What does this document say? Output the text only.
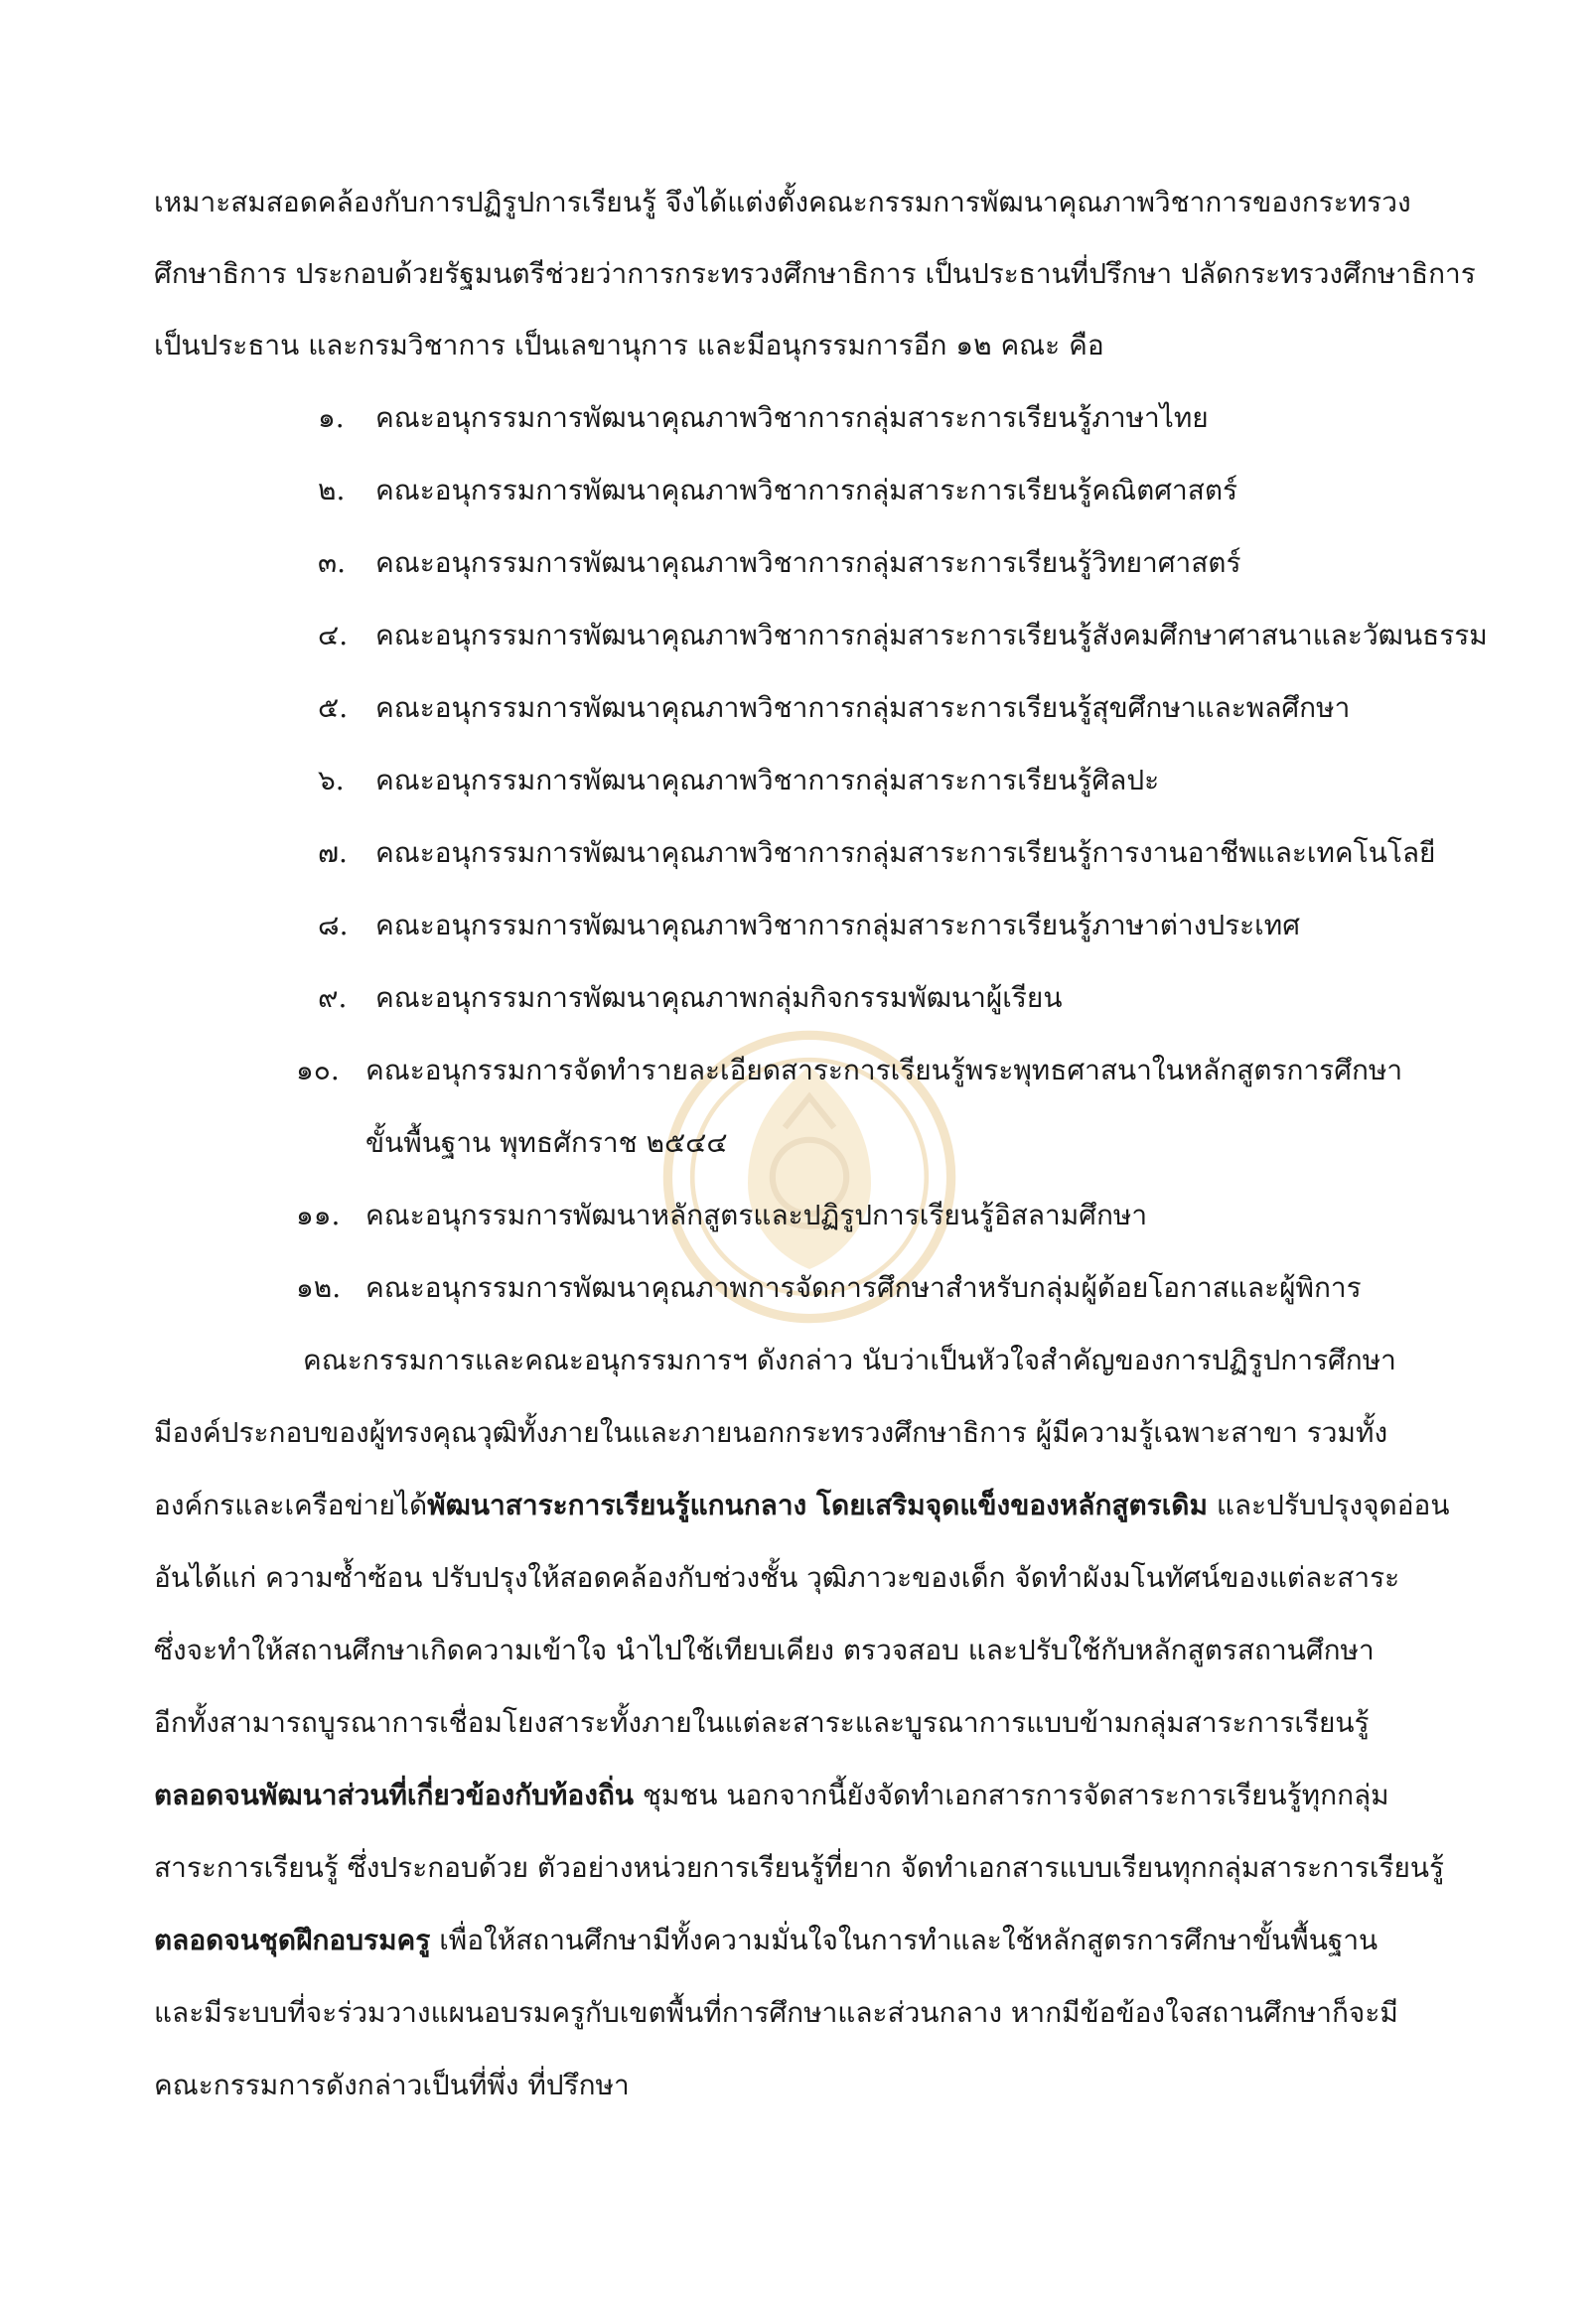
เหมาะสมสอดคล้องกับการปฏิรูปการเรียนรู้ จึงได้แต่งตั้งคณะกรรมการพัฒนาคุณภาพวิชาการของกระทรวง
ศึกษาธิการ ประกอบด้วยรัฐมนตรีช่วยว่าการกระทรวงศึกษาธิการ เป็นประธานที่ปรึกษา ปลัดกระทรวงศึกษาธิการ
เป็นประธาน และกรมวิชาการ เป็นเลขานุการ และมีอนุกรรมการอีก ๑๒ คณะ คือ
๑. คณะอนุกรรมการพัฒนาคุณภาพวิชาการกลุ่มสาระการเรียนรู้ภาษาไทย
๒. คณะอนุกรรมการพัฒนาคุณภาพวิชาการกลุ่มสาระการเรียนรู้คณิตศาสตร์
๓. คณะอนุกรรมการพัฒนาคุณภาพวิชาการกลุ่มสาระการเรียนรู้วิทยาศาสตร์
๔. คณะอนุกรรมการพัฒนาคุณภาพวิชาการกลุ่มสาระการเรียนรู้สังคมศึกษาศาสนาและวัฒนธรรม
๕. คณะอนุกรรมการพัฒนาคุณภาพวิชาการกลุ่มสาระการเรียนรู้สุขศึกษาและพลศึกษา
๖. คณะอนุกรรมการพัฒนาคุณภาพวิชาการกลุ่มสาระการเรียนรู้ศิลปะ
๗. คณะอนุกรรมการพัฒนาคุณภาพวิชาการกลุ่มสาระการเรียนรู้การงานอาชีพและเทคโนโลยี
๘. คณะอนุกรรมการพัฒนาคุณภาพวิชาการกลุ่มสาระการเรียนรู้ภาษาต่างประเทศ
๙. คณะอนุกรรมการพัฒนาคุณภาพกลุ่มกิจกรรมพัฒนาผู้เรียน
๑๐. คณะอนุกรรมการจัดทำรายละเอียดสาระการเรียนรู้พระพุทธศาสนาในหลักสูตรการศึกษา
ขั้นพื้นฐาน พุทธศักราช ๒๕๔๔
๑๑. คณะอนุกรรมการพัฒนาหลักสูตรและปฏิรูปการเรียนรู้อิสลามศึกษา
๑๒. คณะอนุกรรมการพัฒนาคุณภาพการจัดการศึกษาสำหรับกลุ่มผู้ด้อยโอกาสและผู้พิการ
คณะกรรมการและคณะอนุกรรมการฯ ดังกล่าว นับว่าเป็นหัวใจสำคัญของการปฏิรูปการศึกษา
มีองค์ประกอบของผู้ทรงคุณวุฒิทั้งภายในและภายนอกกระทรวงศึกษาธิการ ผู้มีความรู้เฉพาะสาขา รวมทั้ง
องค์กรและเครือข่ายได้พัฒนาสาระการเรียนรู้แกนกลาง โดยเสริมจุดแข็งของหลักสูตรเดิม และปรับปรุงจุดอ่อน
อันได้แก่ ความซ้ำซ้อน ปรับปรุงให้สอดคล้องกับช่วงชั้น วุฒิภาวะของเด็ก จัดทำผังมโนทัศน์ของแต่ละสาระ
ซึ่งจะทำให้สถานศึกษาเกิดความเข้าใจ นำไปใช้เทียบเคียง ตรวจสอบ และปรับใช้กับหลักสูตรสถานศึกษา
อีกทั้งสามารถบูรณาการเชื่อมโยงสาระทั้งภายในแต่ละสาระและบูรณาการแบบข้ามกลุ่มสาระการเรียนรู้
ตลอดจนพัฒนาส่วนที่เกี่ยวข้องกับท้องถิ่น ชุมชน นอกจากนี้ยังจัดทำเอกสารการจัดสาระการเรียนรู้ทุกกลุ่ม
สาระการเรียนรู้ ซึ่งประกอบด้วย ตัวอย่างหน่วยการเรียนรู้ที่ยาก จัดทำเอกสารแบบเรียนทุกกลุ่มสาระการเรียนรู้
ตลอดจนชุดฝึกอบรมครู เพื่อให้สถานศึกษามีทั้งความมั่นใจในการทำและใช้หลักสูตรการศึกษาขั้นพื้นฐาน
และมีระบบที่จะร่วมวางแผนอบรมครูกับเขตพื้นที่การศึกษาและส่วนกลาง หากมีข้อข้องใจสถานศึกษาก็จะมี
คณะกรรมการดังกล่าวเป็นที่พึ่ง ที่ปรึกษา
